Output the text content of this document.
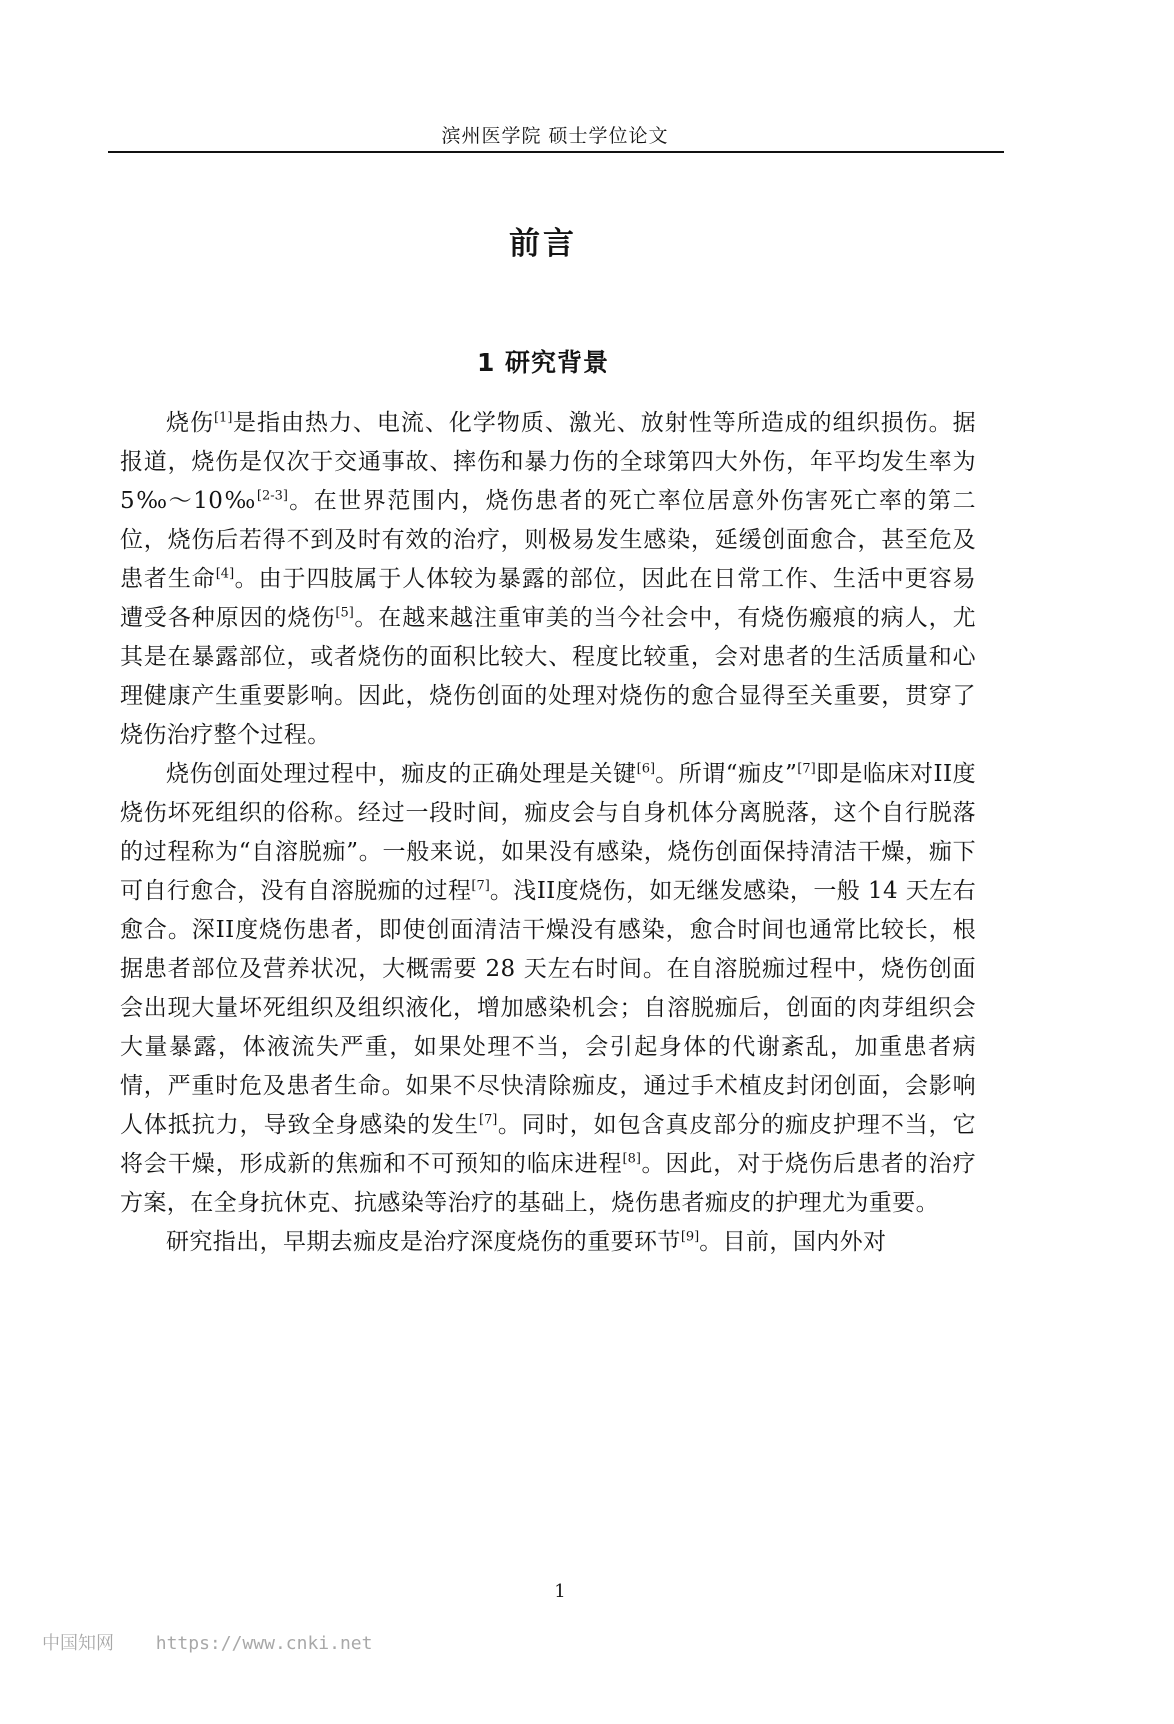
滨州医学院 硕士学位论文
前言
1 研究背景

烧伤[1]是指由热力、电流、化学物质、激光、放射性等所造成的组织损伤。据报道，烧伤是仅次于交通事故、摔伤和暴力伤的全球第四大外伤，年平均发生率为 5‰～10‰[2-3]。在世界范围内，烧伤患者的死亡率位居意外伤害死亡率的第二位，烧伤后若得不到及时有效的治疗，则极易发生感染，延缓创面愈合，甚至危及患者生命[4]。由于四肢属于人体较为暴露的部位，因此在日常工作、生活中更容易遭受各种原因的烧伤[5]。在越来越注重审美的当今社会中，有烧伤瘢痕的病人，尤其是在暴露部位，或者烧伤的面积比较大、程度比较重，会对患者的生活质量和心理健康产生重要影响。因此，烧伤创面的处理对烧伤的愈合显得至关重要，贯穿了烧伤治疗整个过程。

烧伤创面处理过程中，痂皮的正确处理是关键[6]。所谓“痂皮”[7]即是临床对II度烧伤坏死组织的俗称。经过一段时间，痂皮会与自身机体分离脱落，这个自行脱落的过程称为“自溶脱痂”。一般来说，如果没有感染，烧伤创面保持清洁干燥，痂下可自行愈合，没有自溶脱痂的过程[7]。浅II度烧伤，如无继发感染，一般 14 天左右愈合。深II度烧伤患者，即使创面清洁干燥没有感染，愈合时间也通常比较长，根据患者部位及营养状况，大概需要 28 天左右时间。在自溶脱痂过程中，烧伤创面会出现大量坏死组织及组织液化，增加感染机会；自溶脱痂后，创面的肉芽组织会大量暴露，体液流失严重，如果处理不当，会引起身体的代谢紊乱，加重患者病情，严重时危及患者生命。如果不尽快清除痂皮，通过手术植皮封闭创面，会影响人体抵抗力，导致全身感染的发生[7]。同时，如包含真皮部分的痂皮护理不当，它将会干燥，形成新的焦痂和不可预知的临床进程[8]。因此，对于烧伤后患者的治疗方案，在全身抗休克、抗感染等治疗的基础上，烧伤患者痂皮的护理尤为重要。

研究指出，早期去痂皮是治疗深度烧伤的重要环节[9]。目前，国内外对

1
中国知网 https://www.cnki.net
